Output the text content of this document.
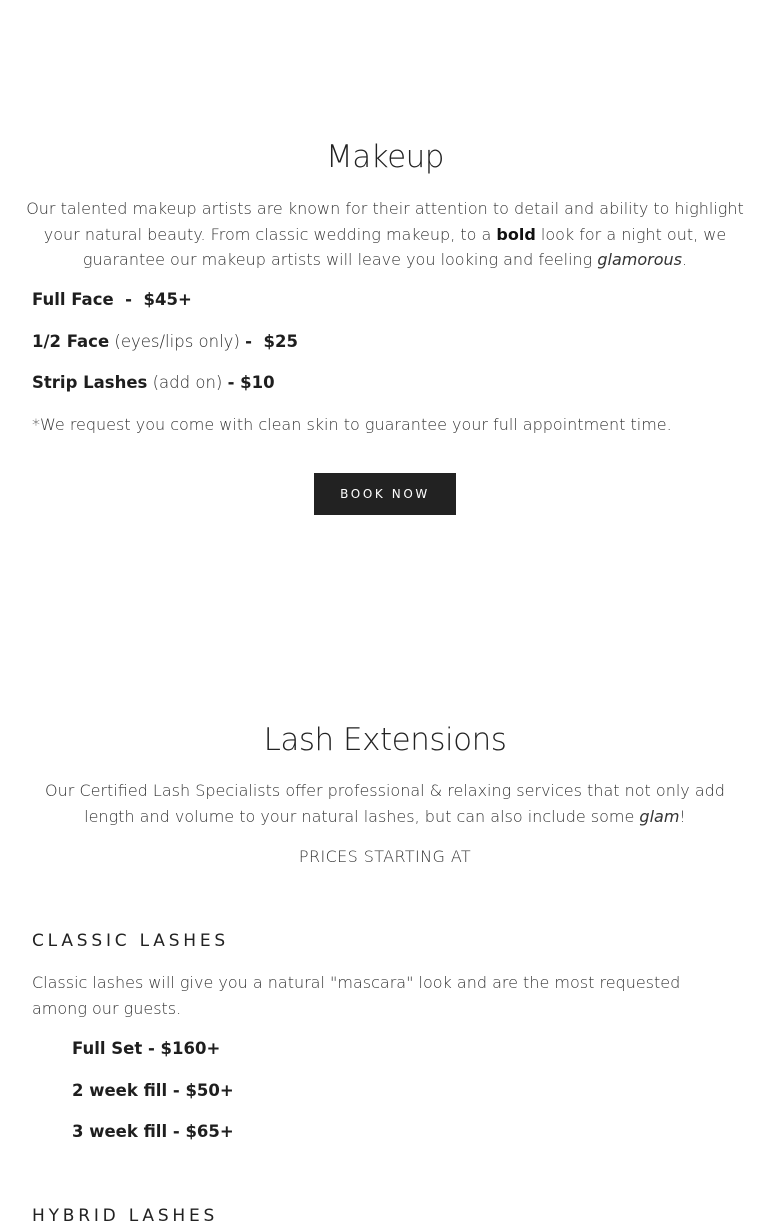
Makeup

Our talented makeup artists are known for their attention to detail and ability to highlight your natural beauty. From classic wedding makeup, to a bold look for a night out, we guarantee our makeup artists will leave you looking and feeling glamorous.

Full Face  -  $45+

1/2 Face (eyes/lips only) -  $25

Strip Lashes (add on) - $10

*We request you come with clean skin to guarantee your full appointment time.

BOOK NOW
Lash Extensions

Our Certified Lash Specialists offer professional & relaxing services that not only add length and volume to your natural lashes, but can also include some glam!

PRICES STARTING AT

CLASSIC LASHES

Classic lashes will give you a natural "mascara" look and are the most requested among our guests.

Full Set - $160+

2 week fill - $50+

3 week fill - $65+

HYBRID LASHES
